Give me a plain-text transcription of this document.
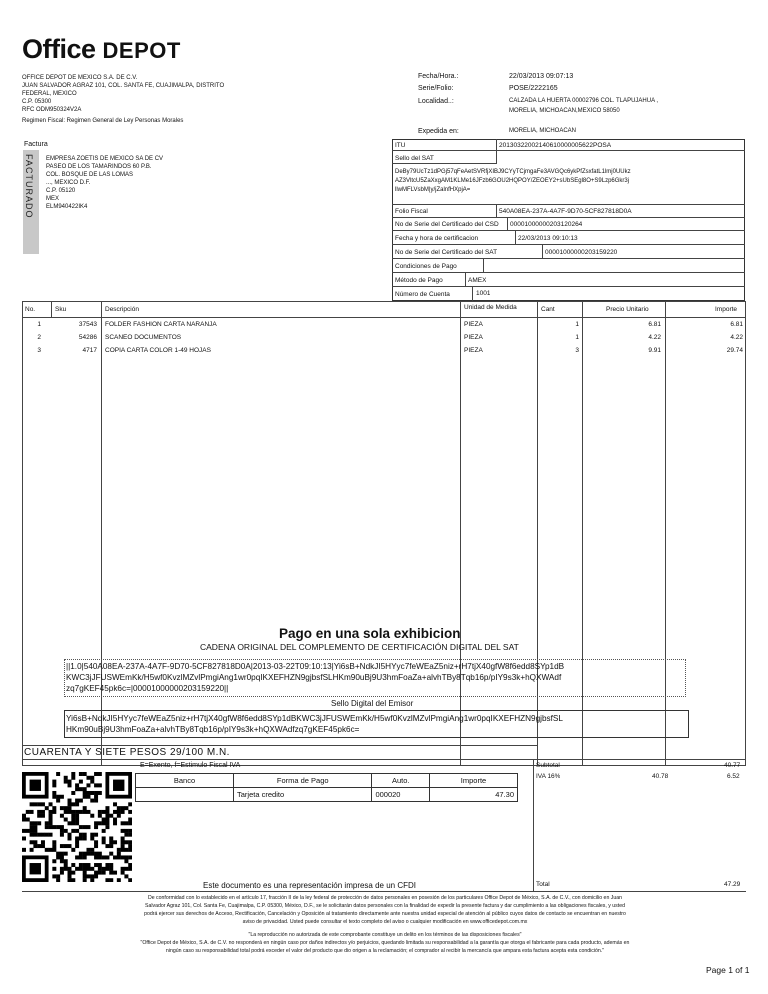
Office DEPOT
OFFICE DEPOT DE MEXICO S.A. DE C.V.
JUAN SALVADOR AGRAZ 101, COL. SANTA FE, CUAJIMALPA, DISTRITO
FEDERAL, MEXICO
C.P. 05300
RFC ODM950324V2A
Regimen Fiscal: Regimen General de Ley Personas Morales
Fecha/Hora.:	22/03/2013 09:07:13
Serie/Folio:	POSE/2222165
Localidad..:	CALZADA LA HUERTA 00002796 COL. TLAPUJAHUA ,
MORELIA, MICHOACAN,MEXICO 58050
Expedida en:	MORELIA, MICHOACAN
Factura
FACTURADO EMPRESA ZOETIS DE MEXICO SA DE CV
PASEO DE LOS TAMARINDOS 60 P.B.
COL. BOSQUE DE LAS LOMAS
..., MEXICO D.F.
C.P. 05120
MEX
ELM940422IK4
ITU	20130322002140610000005622POSA
Sello del SAT
DeBy79UcTz1dPGj57qFeAetSVRfjXIBJ9CYyTCjmgaFe3AVGQc6ykPfZsxfatL1lmj0UUkz
AZ3VltcU5ZaXxgAM1KLMe16JFzb6GOU2HQPOY/ZEOEY2+sUbSEgl8O+S9Lzp6Gkr3j
llwMFLVsbM|y/jZalnfHXpjA=
Folio Fiscal	540A08EA-237A-4A7F-9D70-5CF827818D0A
No de Serie del Certificado del CSD 00001000000203120264
Fecha y hora de certificacion	22/03/2013 09:10:13
No de Serie del Certificado del SAT	00001000000203159220
Condiciones de Pago
Método de Pago	AMEX
Número de Cuenta	1001
No.	Sku	Descripción	Unidad de Medida	Cant	Precio Unitario	Importe
1	37543 FOLDER FASHION CARTA NARANJA	PIEZA	1	6.81	6.81
2	54286 SCANEO DOCUMENTOS	PIEZA	1	4.22	4.22
3	4717 COPIA CARTA COLOR 1-49 HOJAS	PIEZA	3	9.91	29.74
Pago en una sola exhibicion
CADENA ORIGINAL DEL COMPLEMENTO DE CERTIFICACIÓN DIGITAL DEL SAT
||1.0|540A08EA-237A-4A7F-9D70-5CF827818D0A|2013-03-22T09:10:13|Yi6sB+NdkJI5HYyc7feWEaZ5niz+rH7tjX40gfW8f6edd8SYp1dB
KWC3jJFUSWEmKk/H5wf0KvzlMZvlPmgiAng1wr0pqIKXEFHZN9gjbsfSLHKm90uBj9U3hmFoaZa+alvhTBy8Tqb16p/pIY9s3k+hQXWAdf
zq7gKEF45pk6c=|00001000000203159220||
Sello Digital del Emisor
Yi6sB+NdkJI5HYyc7feWEaZ5niz+rH7tjX40gfW8f6edd8SYp1dBKWC3jJFUSWEmKk/H5wf0KvzlMZvlPmgiAng1wr0pqIKXEFHZN9gjbsfSL
HKm90uBj9U3hmFoaZa+alvhTBy8Tqb16p/pIY9s3k+hQXWAdfzq7gKEF45pk6c=
CUARENTA Y SIETE PESOS 29/100 M.N.
E=Exento, f=Estimulo Fiscal IVA	Subtotal	40.77
IVA 16%	40.78	6.52
Total	47.29
Banco	Forma de Pago	Auto.	Importe
	Tarjeta credito	000020	47.30
Este documento es una representación impresa de un CFDI
De conformidad con lo establecido en el artículo 17, fracción II de la ley federal de protección de datos personales en posesión de los particulares Office Depot de México, S.A. de C.V., con domicilio en Juan
Salvador Agraz 101, Col. Santa Fe, Cuajimalpa, C.P. 05300, México, D.F., se le solicitarán datos personales con la finalidad de expedir la presente factura y dar cumplimiento a las obligaciones fiscales, y usted
podrá ejercer sus derechos de Acceso, Rectificación, Cancelación y Oposición al tratamiento directamente ante nuestra unidad especial de atención al público cuyos datos de contacto se encuentran en nuestro
aviso de privacidad. Usted puede consultar el texto completo del aviso o cualquier modificación en www.officedepot.com.mx
"La reproducción no autorizada de este comprobante constituye un delito en los términos de las disposiciones fiscales"
"Office Depot de México, S.A. de C.V. no responderá en ningún caso por daños indirectos y/o perjuicios, quedando limitada su responsabilidad a la garantía que otorga el fabricante para cada producto, además en
ningún caso su responsabilidad total podrá exceder el valor del producto que dio origen a la reclamación; el comprador al recibir la mercancía que ampara esta factura acepta esta condición."
Page 1 of 1
